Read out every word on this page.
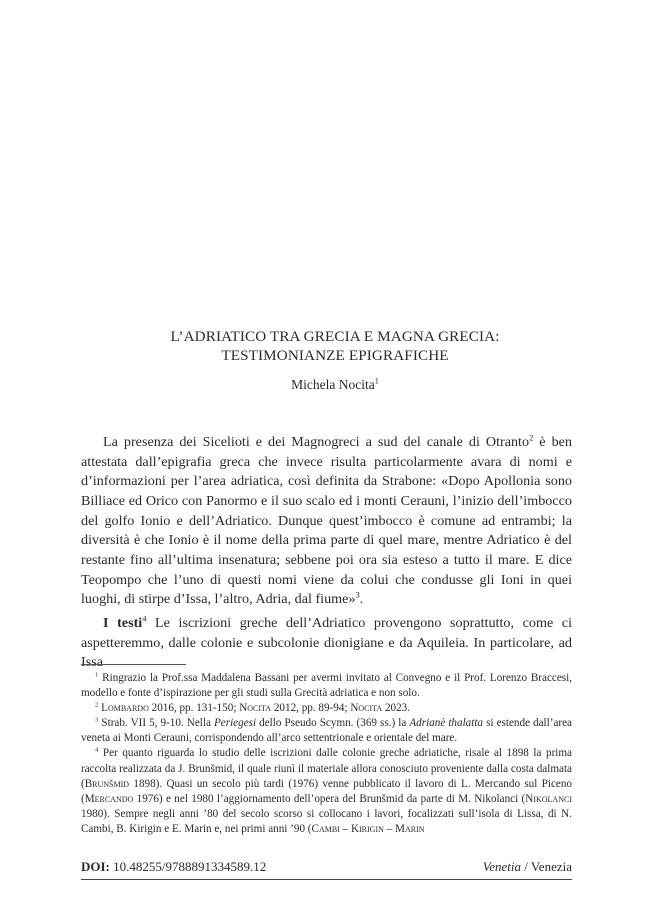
L’ADRIATICO TRA GRECIA E MAGNA GRECIA:
TESTIMONIANZE EPIGRAFICHE
Michela Nocita$^1$

La presenza dei Sicelioti e dei Magnogreci a sud del canale di Otranto$^2$ è ben attestata dall’epigrafia greca che invece risulta particolarmente avara di nomi e d’informazioni per l’area adriatica, così definita da Strabone: «Dopo Apollonia sono Billiace ed Orico con Panormo e il suo scalo ed i monti Cerauni, l’inizio dell’imbocco del golfo Ionio e dell’Adriatico. Dunque quest’imbocco è comune ad entrambi; la diversità è che Ionio è il nome della prima parte di quel mare, mentre Adriatico è del restante fino all’ultima insenatura; sebbene poi ora sia esteso a tutto il mare. E dice Teopompo che l’uno di questi nomi viene da colui che condusse gli Ioni in quei luoghi, di stirpe d’Issa, l’altro, Adria, dal fiume»$^3$.

I testi$^4$ Le iscrizioni greche dell’Adriatico provengono soprattutto, come ci aspetteremmo, dalle colonie e subcolonie dionigiane e da Aquileia. In particolare, ad Issa

$^1$ Ringrazio la Prof.ssa Maddalena Bassani per avermi invitato al Convegno e il Prof. Lorenzo Braccesi, modello e fonte d’ispirazione per gli studi sulla Grecità adriatica e non solo.

$^2$ Lombardo 2016, pp. 131-150; Nocita 2012, pp. 89-94; Nocita 2023.

$^3$ Strab. VII 5, 9-10. Nella Periegesi dello Pseudo Scymn. (369 ss.) la Adrianè thalatta si estende dall’area veneta ai Monti Cerauni, corrispondendo all’arco settentrionale e orientale del mare.

$^4$ Per quanto riguarda lo studio delle iscrizioni dalle colonie greche adriatiche, risale al 1898 la prima raccolta realizzata da J. Brunšmid, il quale riunì il materiale allora conosciuto proveniente dalla costa dalmata (Brunšmid 1898). Quasi un secolo più tardi (1976) venne pubblicato il lavoro di L. Mercando sul Piceno (Mercando 1976) e nel 1980 l’aggiornamento dell’opera del Brunšmid da parte di M. Nikolanci (Nikolanci 1980). Sempre negli anni ’80 del secolo scorso si collocano i lavori, focalizzati sull’isola di Lissa, di N. Cambi, B. Kirigin e E. Marin e, nei primi anni ’90 (Cambi – Kirigin – Marin

DOI: 10.48255/9788891334589.12	Venetia / Venezia
